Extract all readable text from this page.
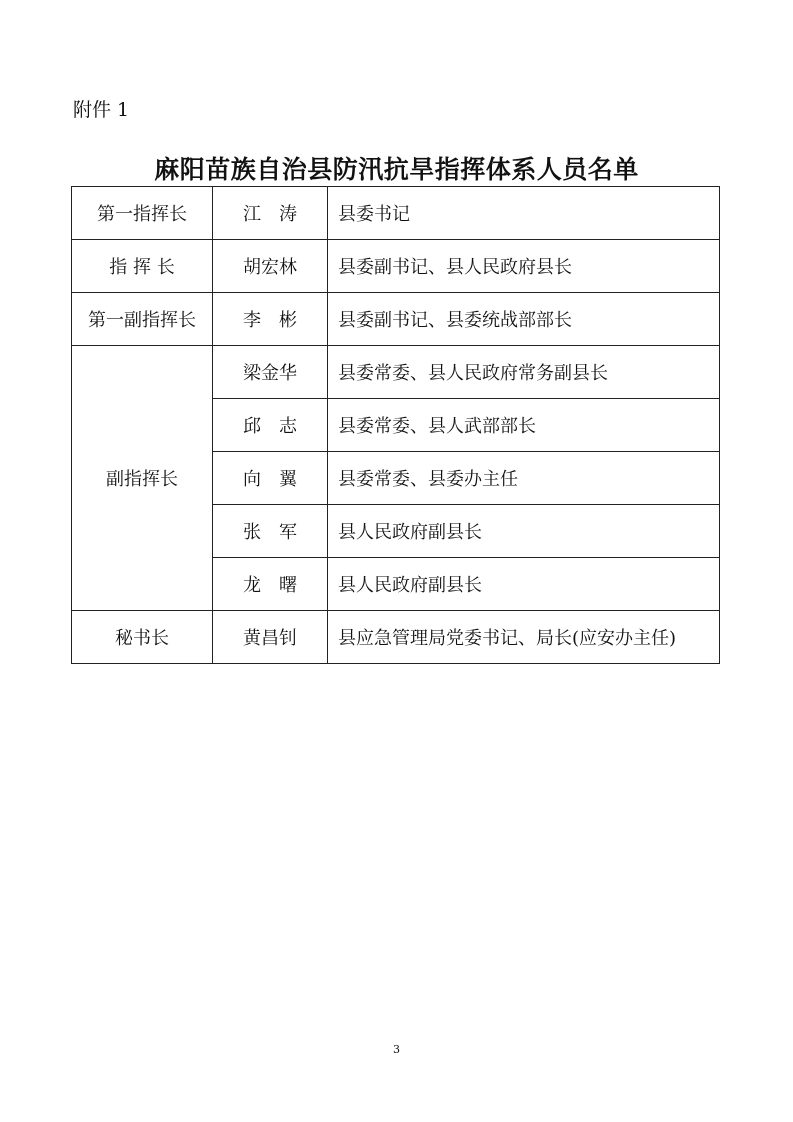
附件 1
麻阳苗族自治县防汛抗旱指挥体系人员名单
第一指挥长	江　涛	县委书记
指 挥 长	胡宏林	县委副书记、县人民政府县长
第一副指挥长	李　彬	县委副书记、县委统战部部长
副指挥长	梁金华	县委常委、县人民政府常务副县长
	邱　志	县委常委、县人武部部长
	向　翼	县委常委、县委办主任
	张　军	县人民政府副县长
	龙　曙	县人民政府副县长
秘书长	黄昌钊	县应急管理局党委书记、局长(应安办主任)
3
